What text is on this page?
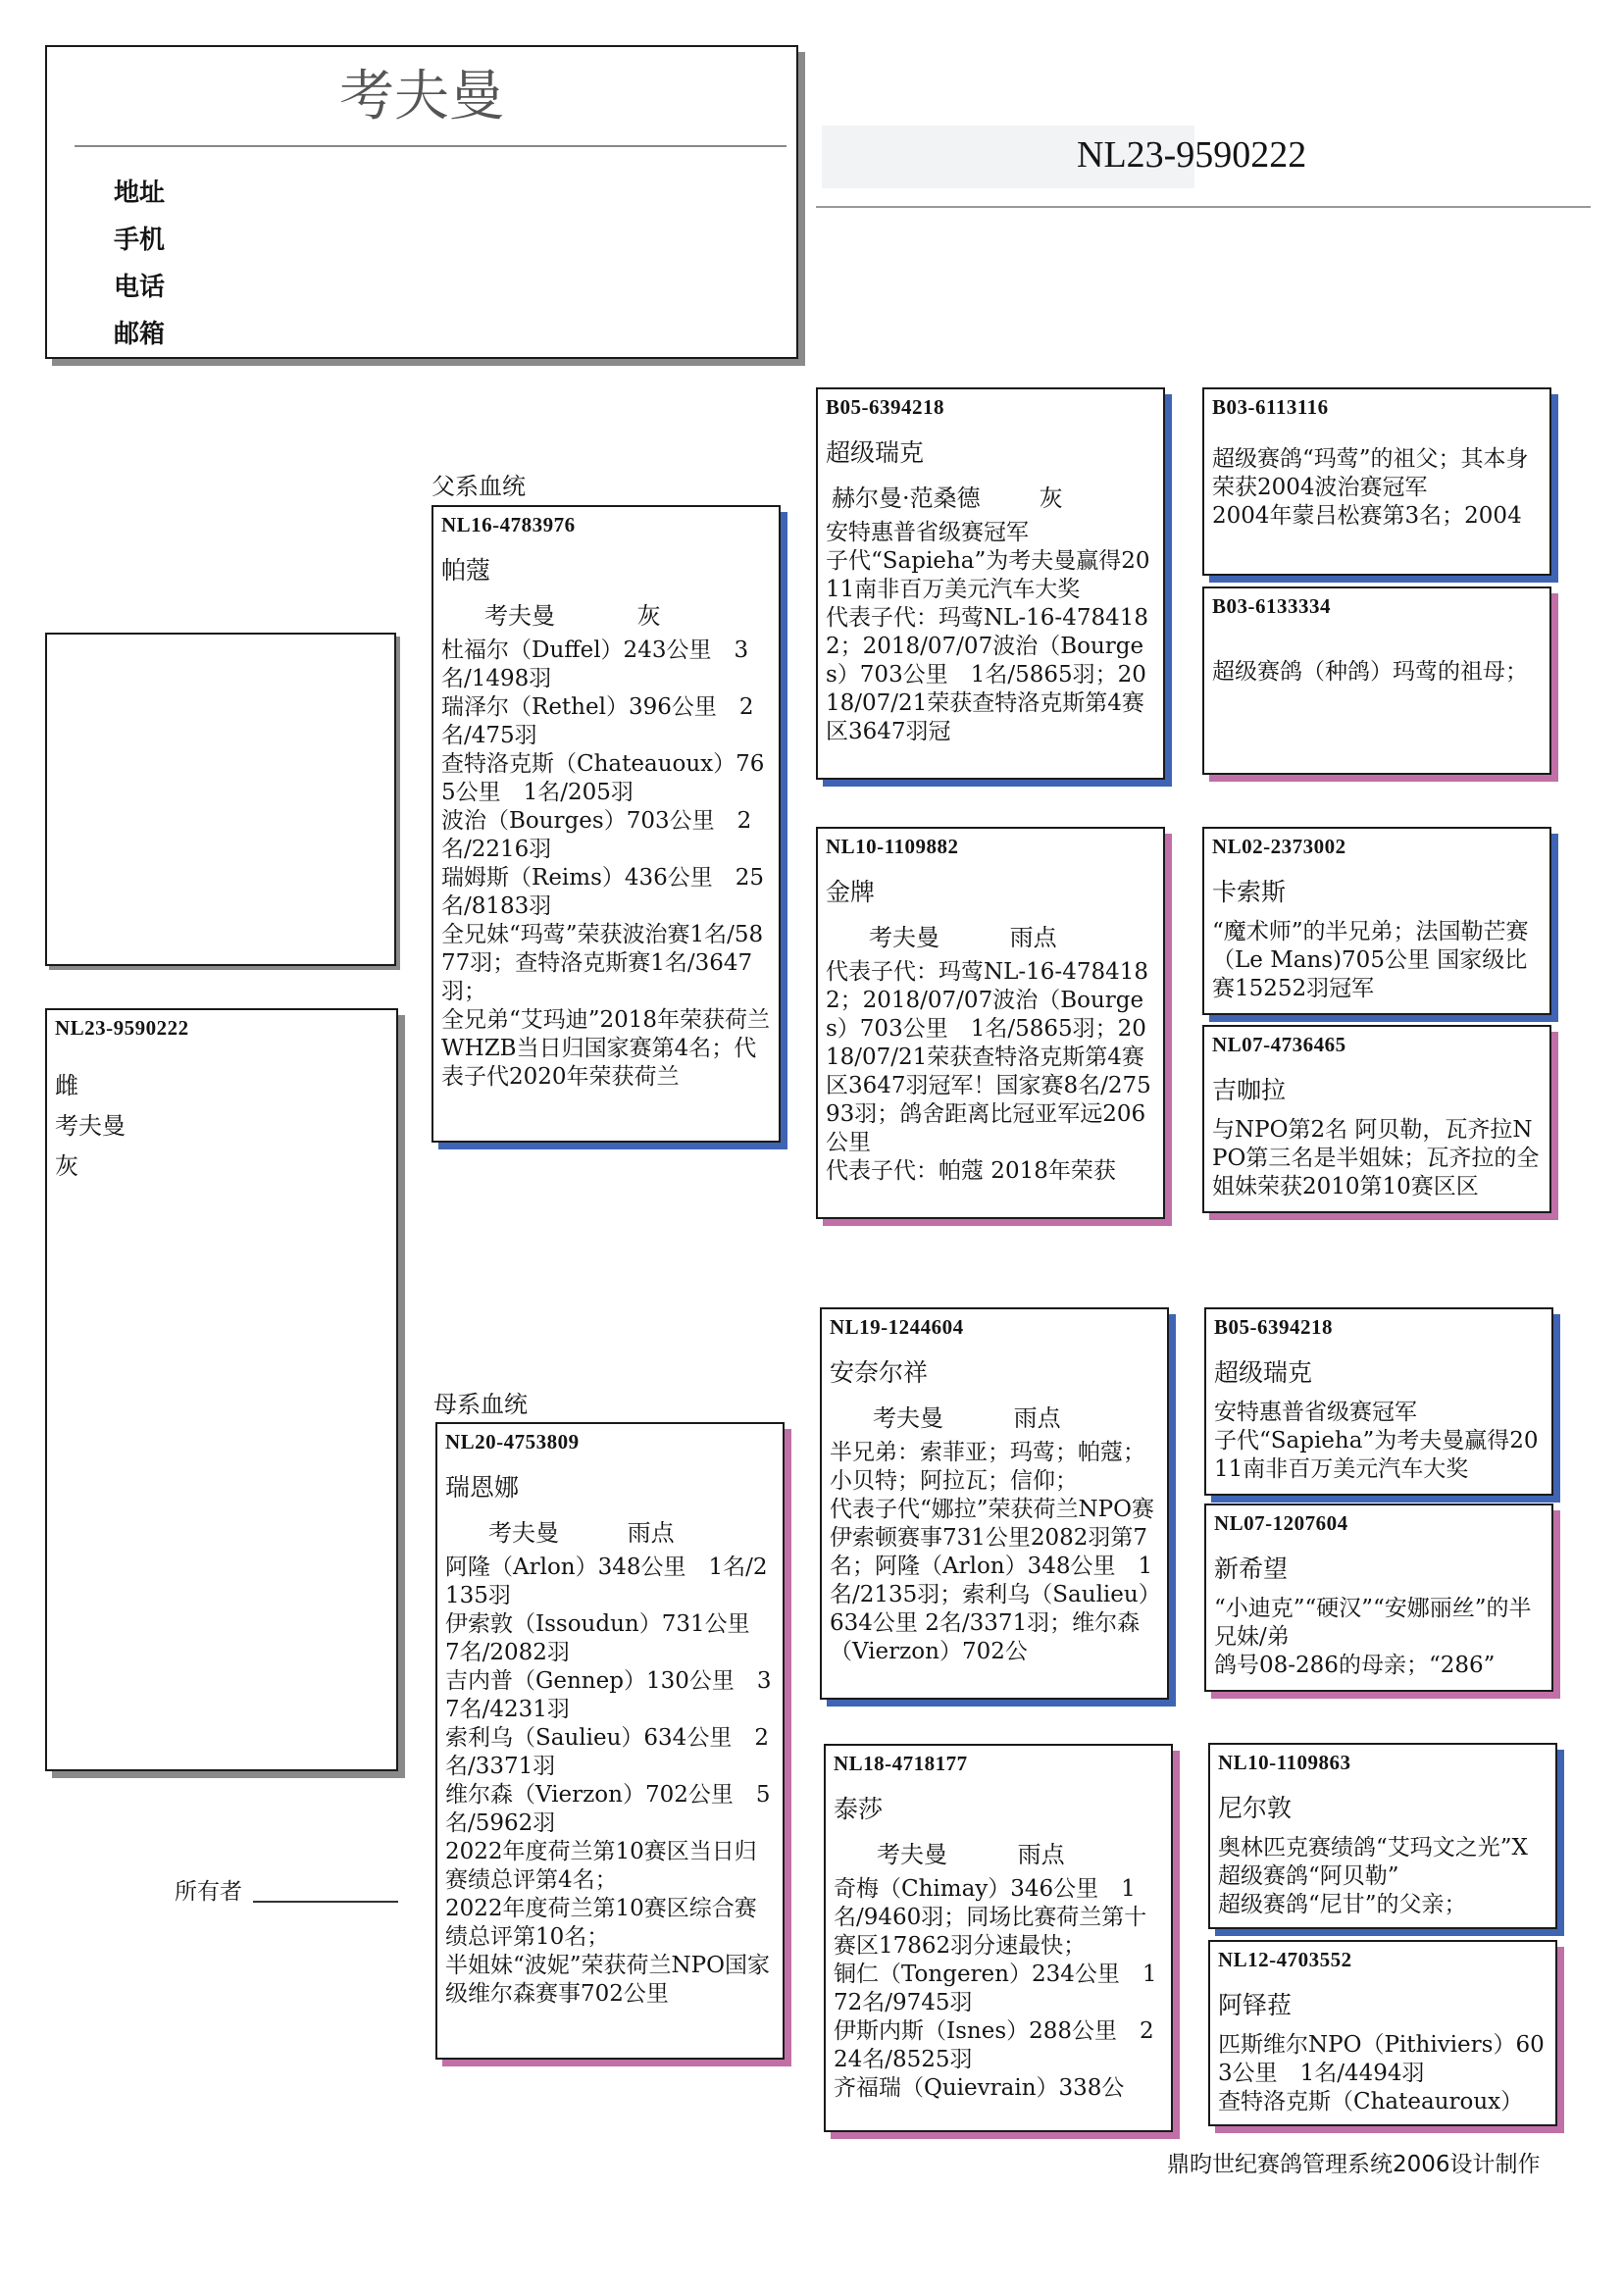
考夫曼
地址
手机
电话
邮箱
NL23-9590222
NL23-9590222
雌
考夫曼
灰
所有者
父系血统
母系血统
NL16-4783976
帕蔻
考夫曼	灰
杜福尔（Duffel）243公里　3名/1498羽
瑞泽尔（Rethel）396公里　2名/475羽
查特洛克斯（Chateauoux）765公里　1名/205羽
波治（Bourges）703公里　2名/2216羽
瑞姆斯（Reims）436公里　25名/8183羽
全兄妹“玛莺”荣获波治赛1名/5877羽；查特洛克斯赛1名/3647羽；
全兄弟“艾玛迪”2018年荣获荷兰WHZB当日归国家赛第4名；代表子代2020年荣获荷兰
NL20-4753809
瑞恩娜
考夫曼	雨点
阿隆（Arlon）348公里　1名/2135羽
伊索敦（Issoudun）731公里　7名/2082羽
吉内普（Gennep）130公里　37名/4231羽
索利乌（Saulieu）634公里　2名/3371羽
维尔森（Vierzon）702公里　5名/5962羽
2022年度荷兰第10赛区当日归赛绩总评第4名；
2022年度荷兰第10赛区综合赛绩总评第10名；
半姐妹“波妮”荣获荷兰NPO国家级维尔森赛事702公里
B05-6394218
超级瑞克
赫尔曼·范桑德	灰
安特惠普省级赛冠军
子代“Sapieha”为考夫曼赢得2011南非百万美元汽车大奖
代表子代：玛莺NL-16-4784182；2018/07/07波治（Bourges）703公里　1名/5865羽；2018/07/21荣获查特洛克斯第4赛区3647羽冠
NL10-1109882
金牌
考夫曼	雨点
代表子代：玛莺NL-16-4784182；2018/07/07波治（Bourges）703公里　1名/5865羽；2018/07/21荣获查特洛克斯第4赛区3647羽冠军！国家赛8名/27593羽；鸽舍距离比冠亚军远206公里
代表子代：帕蔻 2018年荣获
NL19-1244604
安奈尔祥
考夫曼	雨点
半兄弟：索菲亚；玛莺；帕蔻；小贝特；阿拉瓦；信仰；
代表子代“娜拉”荣获荷兰NPO赛伊索顿赛事731公里2082羽第7名；阿隆（Arlon）348公里　1名/2135羽；索利乌（Saulieu）634公里 2名/3371羽；维尔森（Vierzon）702公
NL18-4718177
泰莎
考夫曼	雨点
奇梅（Chimay）346公里　1名/9460羽；同场比赛荷兰第十赛区17862羽分速最快；
铜仁（Tongeren）234公里　172名/9745羽
伊斯内斯（Isnes）288公里　224名/8525羽
齐福瑞（Quievrain）338公
B03-6113116
超级赛鸽“玛莺”的祖父；其本身荣获2004波治赛冠军
2004年蒙吕松赛第3名；2004
B03-6133334
超级赛鸽（种鸽）玛莺的祖母；
NL02-2373002
卡索斯
“魔术师”的半兄弟；法国勒芒赛（Le Mans)705公里 国家级比赛15252羽冠军
NL07-4736465
吉咖拉
与NPO第2名 阿贝勒，瓦齐拉NPO第三名是半姐妹；瓦齐拉的全姐妹荣获2010第10赛区区
B05-6394218
超级瑞克
安特惠普省级赛冠军
子代“Sapieha”为考夫曼赢得2011南非百万美元汽车大奖
NL07-1207604
新希望
“小迪克”“硬汉”“安娜丽丝”的半兄妹/弟
鸽号08-286的母亲；“286”
NL10-1109863
尼尔敦
奥林匹克赛绩鸽“艾玛文之光”X超级赛鸽“阿贝勒”
超级赛鸽“尼甘”的父亲；
NL12-4703552
阿铎菈
匹斯维尔NPO（Pithiviers）603公里　1名/4494羽
查特洛克斯（Chateauroux）
鼎昀世纪赛鸽管理系统2006设计制作
